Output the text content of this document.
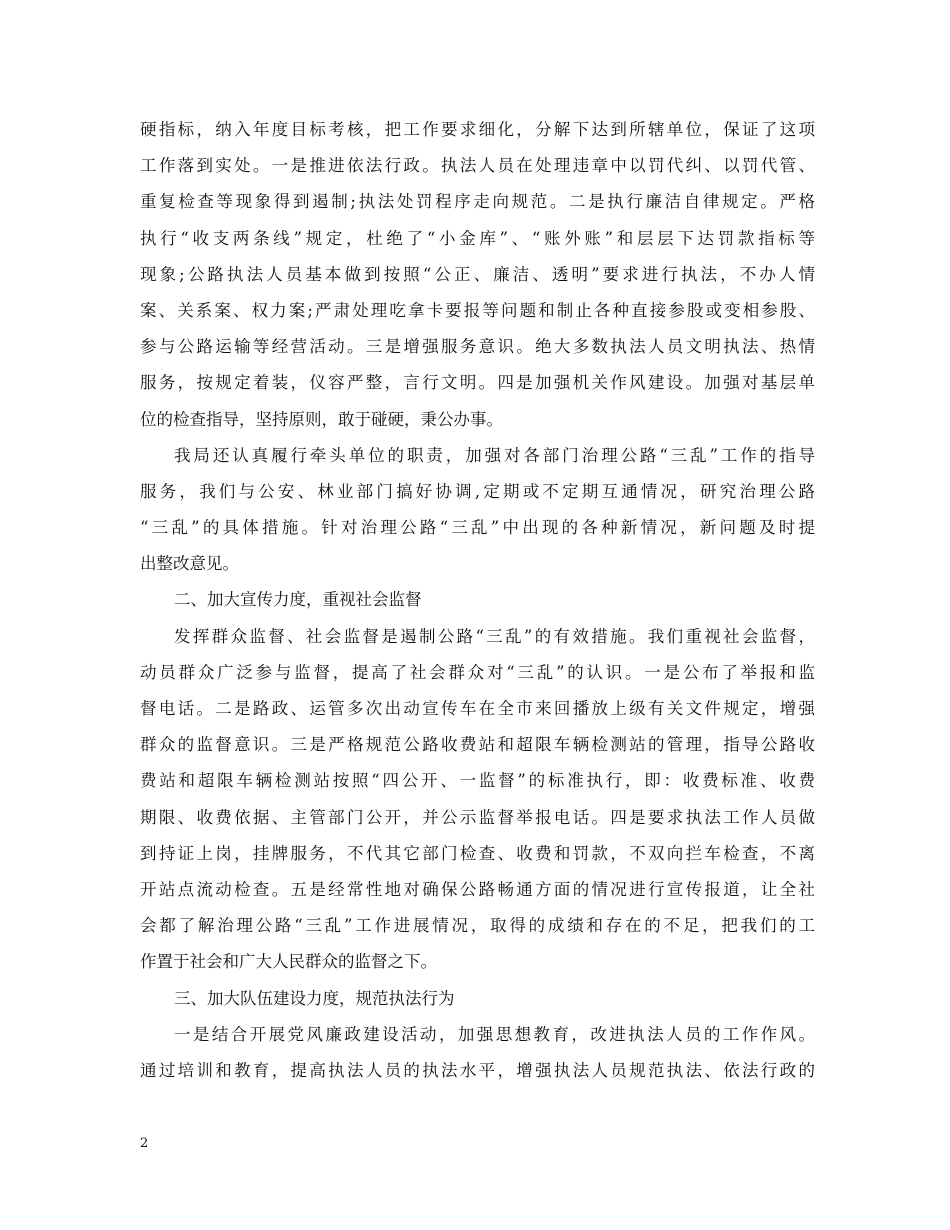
硬指标，纳入年度目标考核，把工作要求细化，分解下达到所辖单位，保证了这项
工作落到实处。一是推进依法行政。执法人员在处理违章中以罚代纠、以罚代管、
重复检查等现象得到遏制;执法处罚程序走向规范。二是执行廉洁自律规定。严格
执行“收支两条线”规定，杜绝了“小金库”、“账外账”和层层下达罚款指标等
现象;公路执法人员基本做到按照“公正、廉洁、透明”要求进行执法，不办人情
案、关系案、权力案;严肃处理吃拿卡要报等问题和制止各种直接参股或变相参股、
参与公路运输等经营活动。三是增强服务意识。绝大多数执法人员文明执法、热情
服务，按规定着装，仪容严整，言行文明。四是加强机关作风建设。加强对基层单
位的检查指导，坚持原则，敢于碰硬，秉公办事。
我局还认真履行牵头单位的职责，加强对各部门治理公路“三乱”工作的指导
服务，我们与公安、林业部门搞好协调,定期或不定期互通情况，研究治理公路
“三乱”的具体措施。针对治理公路“三乱”中出现的各种新情况，新问题及时提
出整改意见。
二、加大宣传力度，重视社会监督
发挥群众监督、社会监督是遏制公路“三乱”的有效措施。我们重视社会监督，
动员群众广泛参与监督，提高了社会群众对“三乱”的认识。一是公布了举报和监
督电话。二是路政、运管多次出动宣传车在全市来回播放上级有关文件规定，增强
群众的监督意识。三是严格规范公路收费站和超限车辆检测站的管理，指导公路收
费站和超限车辆检测站按照“四公开、一监督”的标准执行，即：收费标准、收费
期限、收费依据、主管部门公开，并公示监督举报电话。四是要求执法工作人员做
到持证上岗，挂牌服务，不代其它部门检查、收费和罚款，不双向拦车检查，不离
开站点流动检查。五是经常性地对确保公路畅通方面的情况进行宣传报道，让全社
会都了解治理公路“三乱”工作进展情况，取得的成绩和存在的不足，把我们的工
作置于社会和广大人民群众的监督之下。
三、加大队伍建设力度，规范执法行为
一是结合开展党风廉政建设活动，加强思想教育，改进执法人员的工作作风。
通过培训和教育，提高执法人员的执法水平，增强执法人员规范执法、依法行政的
2
